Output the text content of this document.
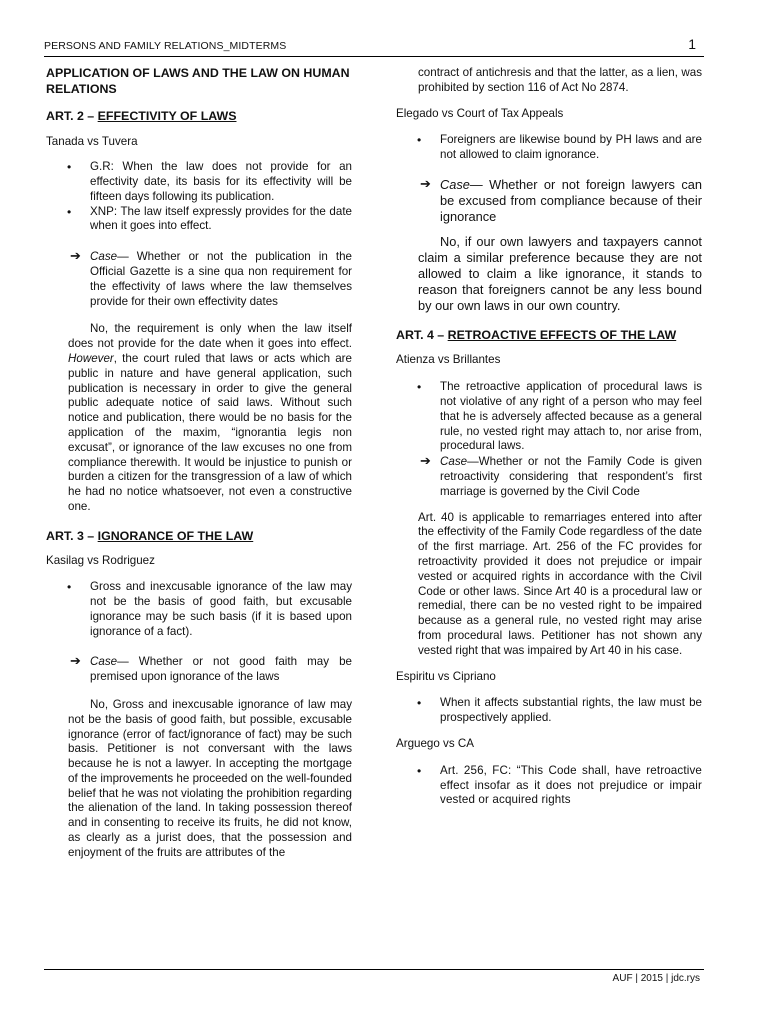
PERSONS AND FAMILY RELATIONS_MIDTERMS	1

APPLICATION OF LAWS AND THE LAW ON HUMAN RELATIONS

ART. 2 – EFFECTIVITY OF LAWS

Tanada vs Tuvera

• G.R: When the law does not provide for an effectivity date, its basis for its effectivity will be fifteen days following its publication.
• XNP: The law itself expressly provides for the date when it goes into effect.
➔ Case— Whether or not the publication in the Official Gazette is a sine qua non requirement for the effectivity of laws where the law themselves provide for their own effectivity dates

No, the requirement is only when the law itself does not provide for the date when it goes into effect. However, the court ruled that laws or acts which are public in nature and have general application, such publication is necessary in order to give the general public adequate notice of said laws. Without such notice and publication, there would be no basis for the application of the maxim, “ignorantia legis non excusat”, or ignorance of the law excuses no one from compliance therewith. It would be injustice to punish or burden a citizen for the transgression of a law of which he had no notice whatsoever, not even a constructive one.

ART. 3 – IGNORANCE OF THE LAW

Kasilag vs Rodriguez

• Gross and inexcusable ignorance of the law may not be the basis of good faith, but excusable ignorance may be such basis (if it is based upon ignorance of a fact).
➔ Case— Whether or not good faith may be premised upon ignorance of the laws

No, Gross and inexcusable ignorance of law may not be the basis of good faith, but possible, excusable ignorance (error of fact/ignorance of fact) may be such basis. Petitioner is not conversant with the laws because he is not a lawyer. In accepting the mortgage of the improvements he proceeded on the well-founded belief that he was not violating the prohibition regarding the alienation of the land. In taking possession thereof and in consenting to receive its fruits, he did not know, as clearly as a jurist does, that the possession and enjoyment of the fruits are attributes of the

contract of antichresis and that the latter, as a lien, was prohibited by section 116 of Act No 2874.

Elegado vs Court of Tax Appeals

• Foreigners are likewise bound by PH laws and are not allowed to claim ignorance.
➔ Case— Whether or not foreign lawyers can be excused from compliance because of their ignorance

No, if our own lawyers and taxpayers cannot claim a similar preference because they are not allowed to claim a like ignorance, it stands to reason that foreigners cannot be any less bound by our own laws in our own country.

ART. 4 – RETROACTIVE EFFECTS OF THE LAW

Atienza vs Brillantes

• The retroactive application of procedural laws is not violative of any right of a person who may feel that he is adversely affected because as a general rule, no vested right may attach to, nor arise from, procedural laws.
➔ Case—Whether or not the Family Code is given retroactivity considering that respondent’s first marriage is governed by the Civil Code

Art. 40 is applicable to remarriages entered into after the effectivity of the Family Code regardless of the date of the first marriage. Art. 256 of the FC provides for retroactivity provided it does not prejudice or impair vested or acquired rights in accordance with the Civil Code or other laws. Since Art 40 is a procedural law or remedial, there can be no vested right to be impaired because as a general rule, no vested right may arise from procedural laws. Petitioner has not shown any vested right that was impaired by Art 40 in his case.

Espiritu vs Cipriano

• When it affects substantial rights, the law must be prospectively applied.

Arguego vs CA

• Art. 256, FC: “This Code shall, have retroactive effect insofar as it does not prejudice or impair vested or acquired rights
AUF | 2015 | jdc.rys
